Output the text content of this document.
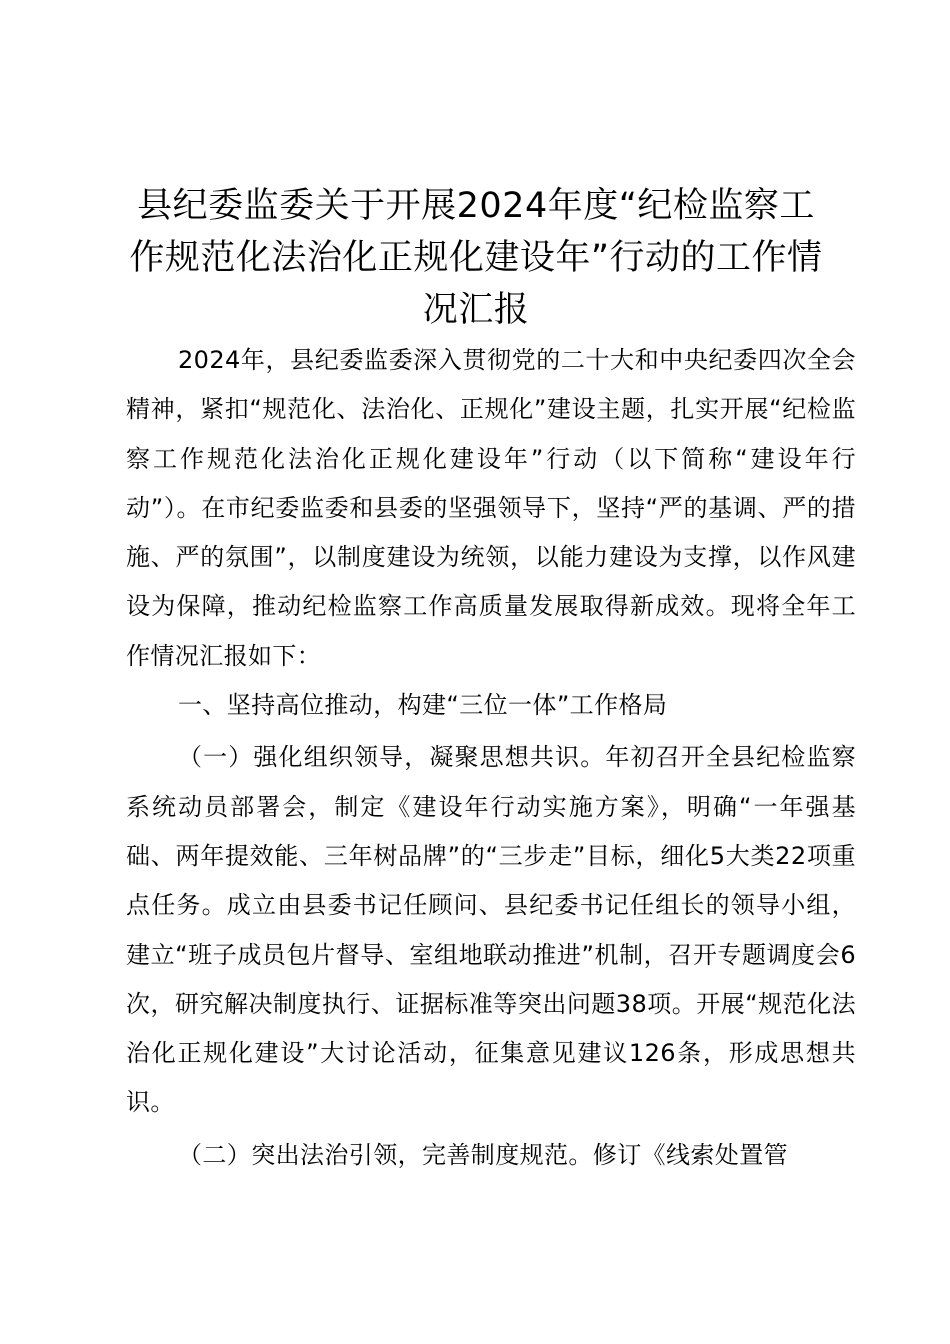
县纪委监委关于开展2024年度“纪检监察工作规范化法治化正规化建设年”行动的工作情况汇报

2024年，县纪委监委深入贯彻党的二十大和中央纪委四次全会精神，紧扣“规范化、法治化、正规化”建设主题，扎实开展“纪检监察工作规范化法治化正规化建设年”行动（以下简称“建设年行动”）。在市纪委监委和县委的坚强领导下，坚持“严的基调、严的措施、严的氛围”，以制度建设为统领，以能力建设为支撑，以作风建设为保障，推动纪检监察工作高质量发展取得新成效。现将全年工作情况汇报如下：

一、坚持高位推动，构建“三位一体”工作格局

（一）强化组织领导，凝聚思想共识。年初召开全县纪检监察系统动员部署会，制定《建设年行动实施方案》，明确“一年强基础、两年提效能、三年树品牌”的“三步走”目标，细化5大类22项重点任务。成立由县委书记任顾问、县纪委书记任组长的领导小组，建立“班子成员包片督导、室组地联动推进”机制，召开专题调度会6次，研究解决制度执行、证据标准等突出问题38项。开展“规范化法治化正规化建设”大讨论活动，征集意见建议126条，形成思想共识。

（二）突出法治引领，完善制度规范。修订《线索处置管
